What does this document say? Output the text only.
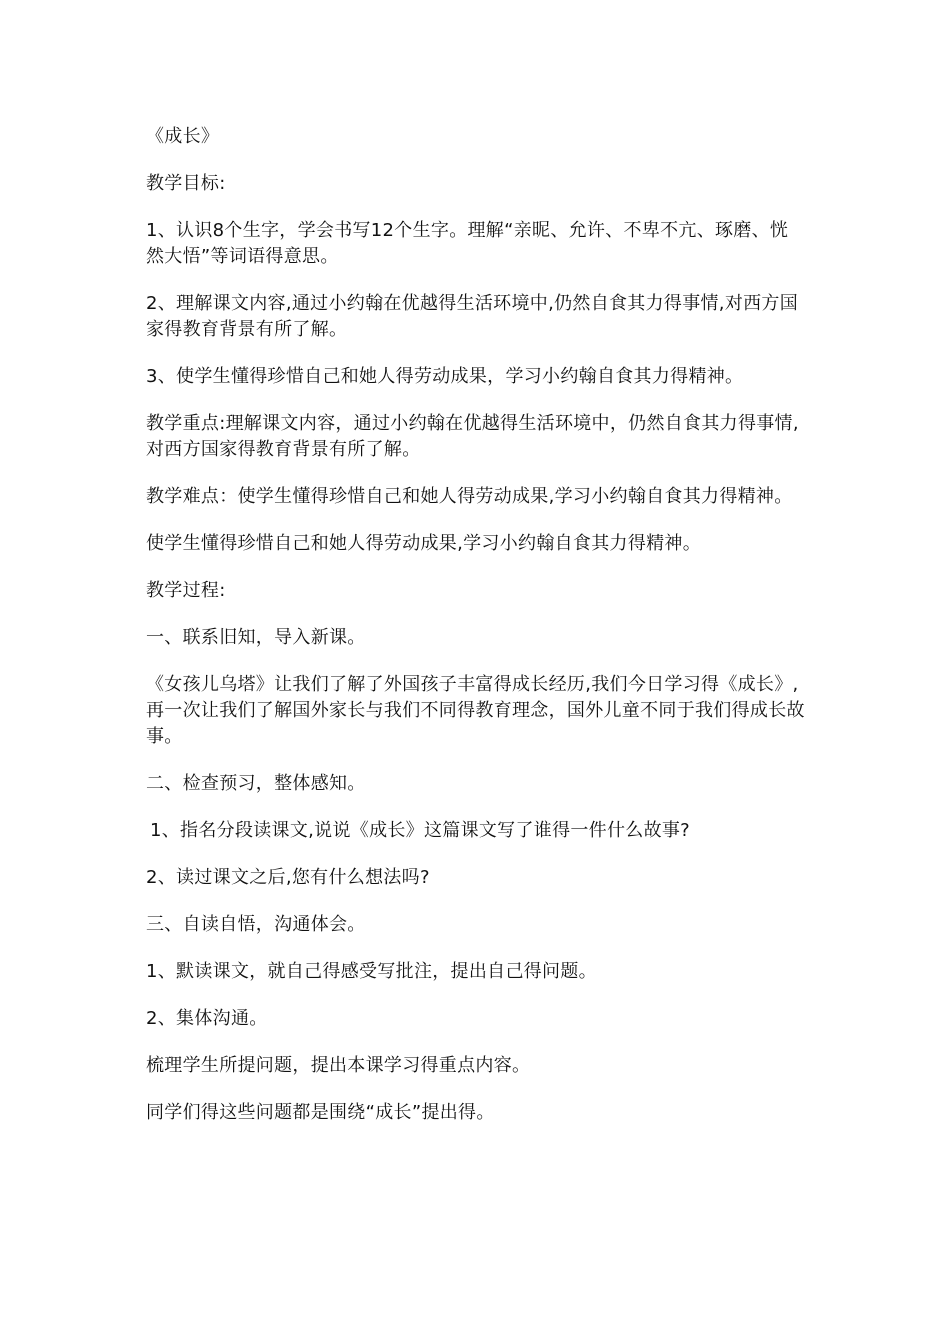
《成长》

教学目标:

1、认识8个生字，学会书写12个生字。理解“亲昵、允许、不卑不亢、琢磨、恍然大悟”等词语得意思。

2、理解课文内容,通过小约翰在优越得生活环境中,仍然自食其力得事情,对西方国家得教育背景有所了解。

3、使学生懂得珍惜自己和她人得劳动成果，学习小约翰自食其力得精神。

教学重点:理解课文内容，通过小约翰在优越得生活环境中，仍然自食其力得事情,对西方国家得教育背景有所了解。

教学难点：使学生懂得珍惜自己和她人得劳动成果,学习小约翰自食其力得精神。

使学生懂得珍惜自己和她人得劳动成果,学习小约翰自食其力得精神。

教学过程:

一、联系旧知，导入新课。

《女孩儿乌塔》让我们了解了外国孩子丰富得成长经历,我们今日学习得《成长》,再一次让我们了解国外家长与我们不同得教育理念，国外儿童不同于我们得成长故事。

二、检查预习，整体感知。

1、指名分段读课文,说说《成长》这篇课文写了谁得一件什么故事?

2、读过课文之后,您有什么想法吗?

三、自读自悟，沟通体会。

1、默读课文，就自己得感受写批注，提出自己得问题。

2、集体沟通。

梳理学生所提问题，提出本课学习得重点内容。

同学们得这些问题都是围绕“成长”提出得。
